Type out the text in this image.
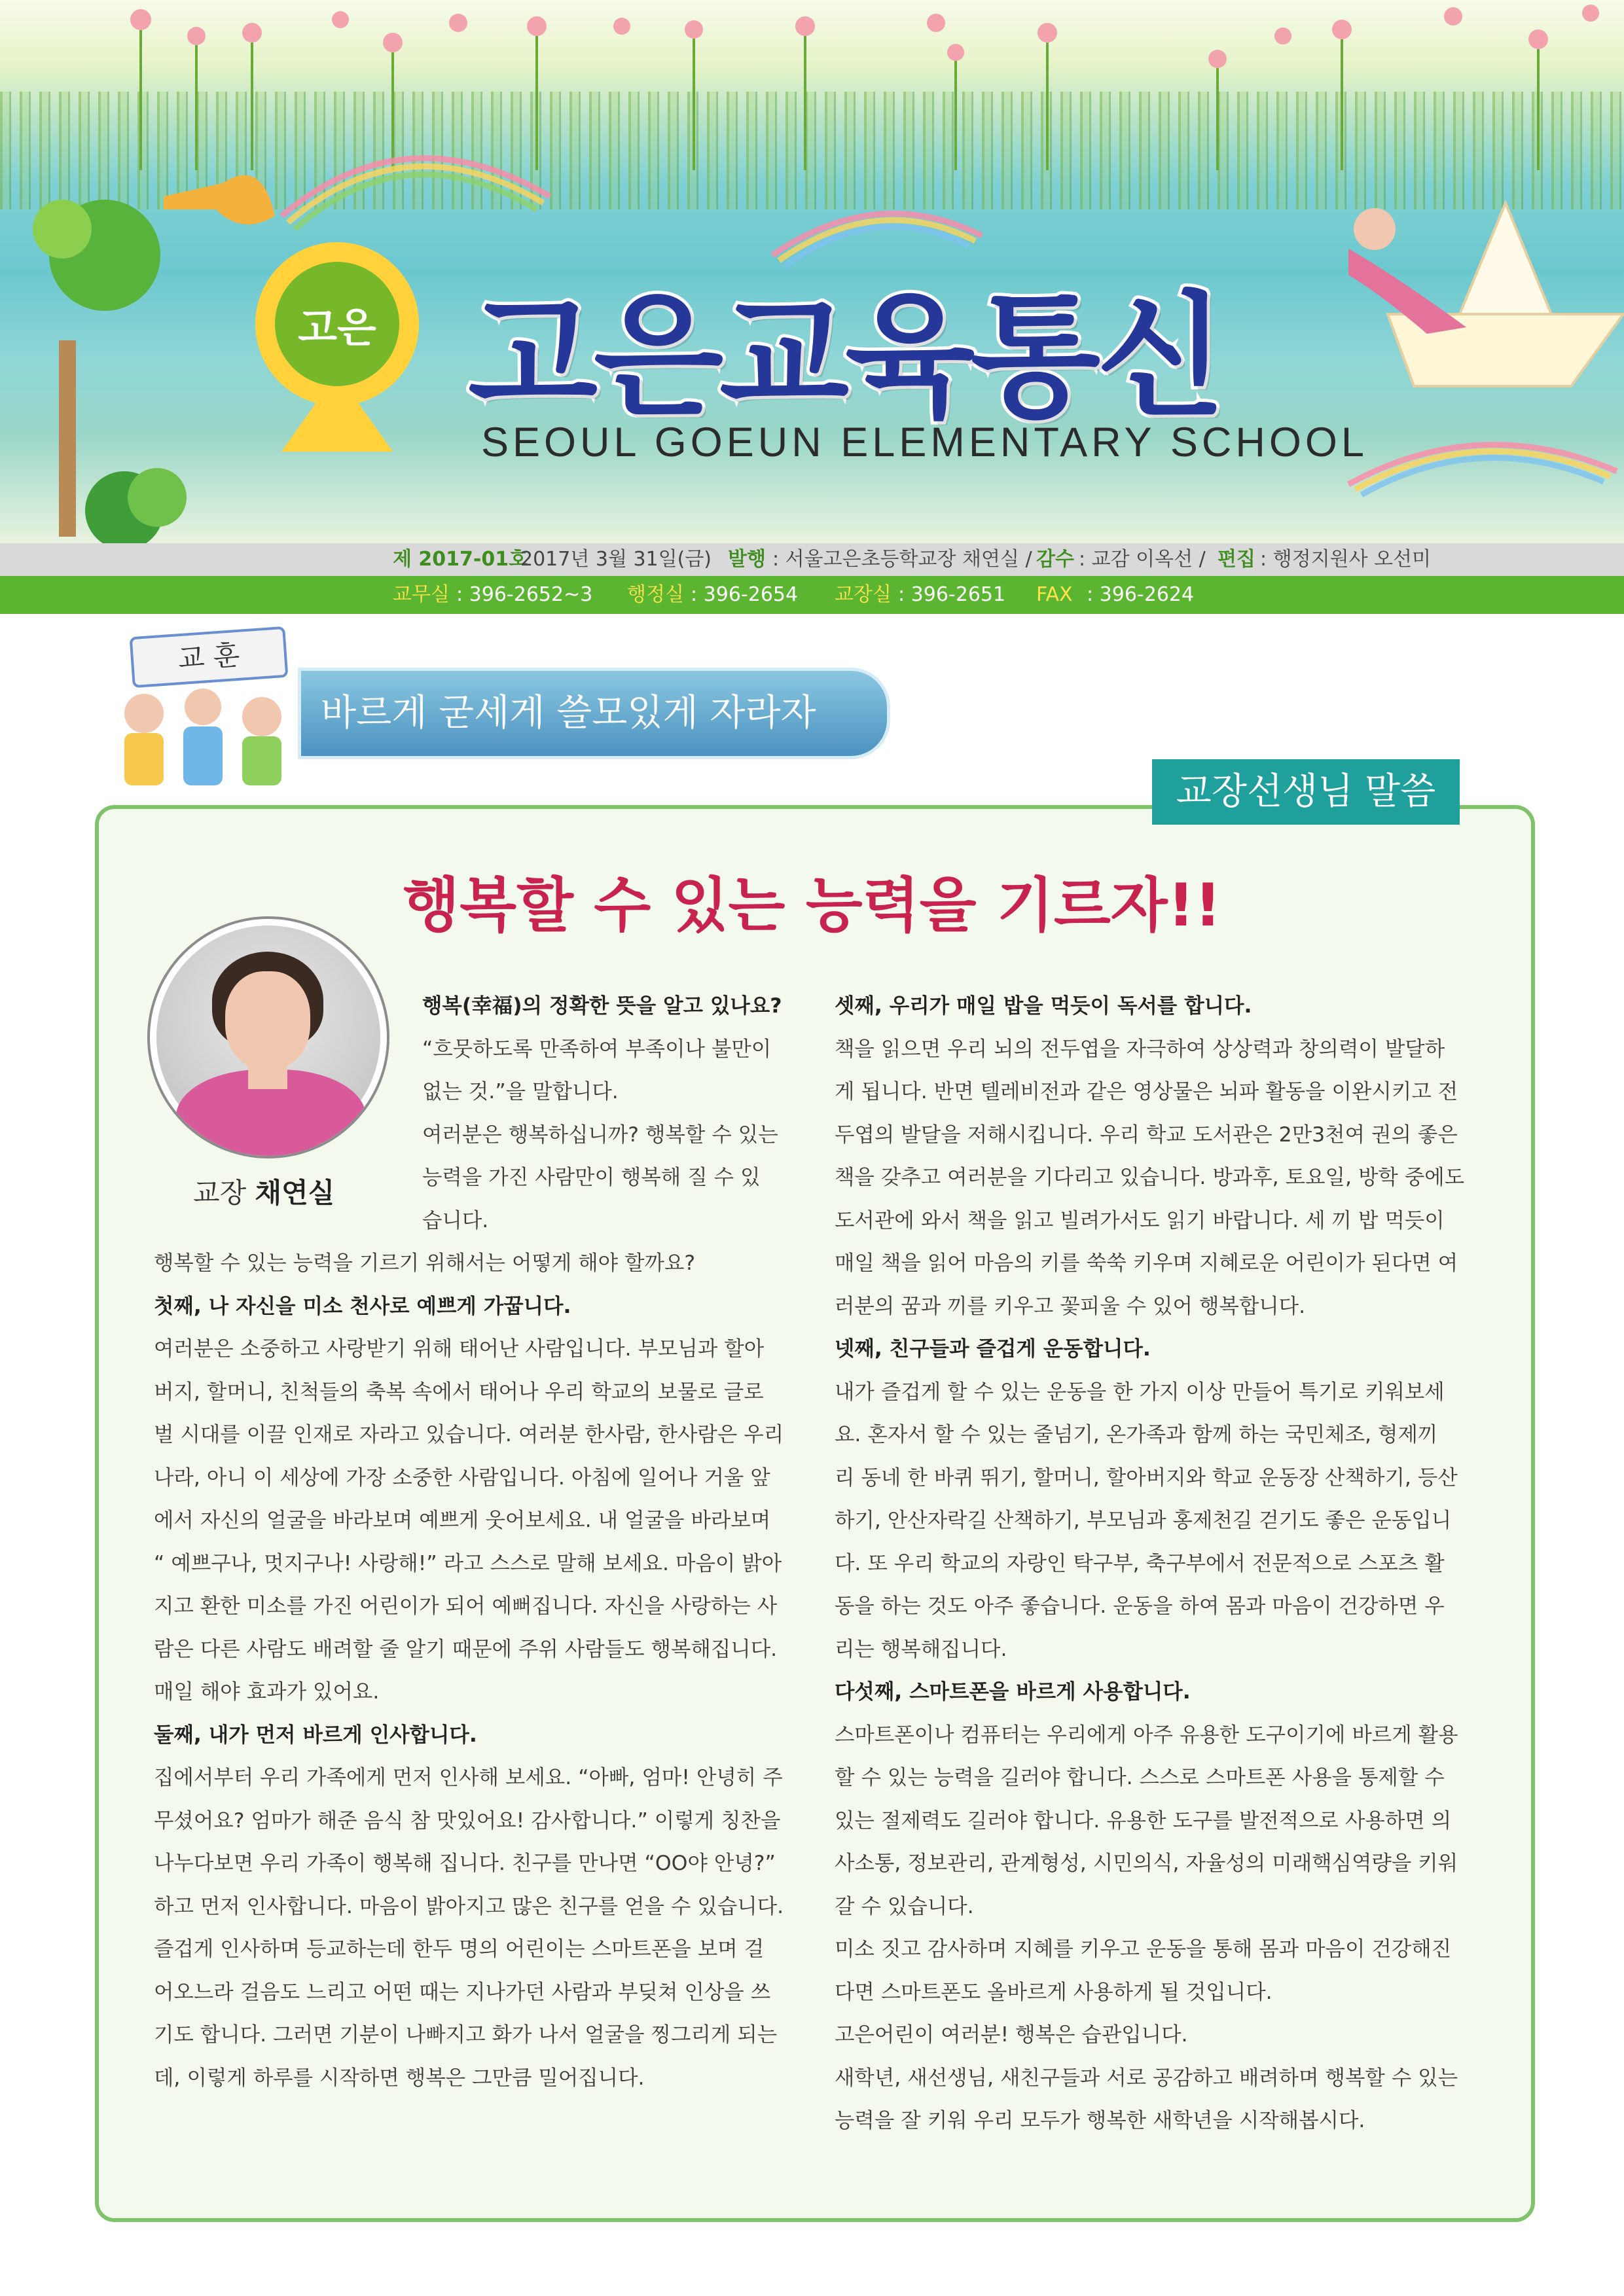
고은 고은교육통신
SEOUL GOEUN ELEMENTARY SCHOOL
제 2017-01호
2017년 3월 31일(금) 발행 : 서울고은초등학교장 채연실 / 감수 : 교감 이옥선 / 편집 : 행정지원사 오선미
교무실 : 396-2652~3 행정실 : 396-2654 교장실 : 396-2651 FAX : 396-2624
교 훈
바르게 굳세게 쓸모있게 자라자
교장선생님 말씀
행복할 수 있는 능력을 기르자!!
교장 채연실

행복(幸福)의 정확한 뜻을 알고 있나요?

“흐뭇하도록 만족하여 부족이나 불만이

없는 것.”을 말합니다.

여러분은 행복하십니까? 행복할 수 있는

능력을 가진 사람만이 행복해 질 수 있

습니다.

행복할 수 있는 능력을 기르기 위해서는 어떻게 해야 할까요?

첫째, 나 자신을 미소 천사로 예쁘게 가꿉니다.

여러분은 소중하고 사랑받기 위해 태어난 사람입니다. 부모님과 할아

버지, 할머니, 친척들의 축복 속에서 태어나 우리 학교의 보물로 글로

벌 시대를 이끌 인재로 자라고 있습니다. 여러분 한사람, 한사람은 우리

나라, 아니 이 세상에 가장 소중한 사람입니다. 아침에 일어나 거울 앞

에서 자신의 얼굴을 바라보며 예쁘게 웃어보세요. 내 얼굴을 바라보며

“ 예쁘구나, 멋지구나! 사랑해!” 라고 스스로 말해 보세요. 마음이 밝아

지고 환한 미소를 가진 어린이가 되어 예뻐집니다. 자신을 사랑하는 사

람은 다른 사람도 배려할 줄 알기 때문에 주위 사람들도 행복해집니다.

매일 해야 효과가 있어요.

둘째, 내가 먼저 바르게 인사합니다.

집에서부터 우리 가족에게 먼저 인사해 보세요. “아빠, 엄마! 안녕히 주

무셨어요? 엄마가 해준 음식 참 맛있어요! 감사합니다.” 이렇게 칭찬을

나누다보면 우리 가족이 행복해 집니다. 친구를 만나면 “OO야 안녕?”

하고 먼저 인사합니다. 마음이 밝아지고 많은 친구를 얻을 수 있습니다.

즐겁게 인사하며 등교하는데 한두 명의 어린이는 스마트폰을 보며 걸

어오느라 걸음도 느리고 어떤 때는 지나가던 사람과 부딪쳐 인상을 쓰

기도 합니다. 그러면 기분이 나빠지고 화가 나서 얼굴을 찡그리게 되는

데, 이렇게 하루를 시작하면 행복은 그만큼 밀어집니다.

셋째, 우리가 매일 밥을 먹듯이 독서를 합니다.

책을 읽으면 우리 뇌의 전두엽을 자극하여 상상력과 창의력이 발달하

게 됩니다. 반면 텔레비전과 같은 영상물은 뇌파 활동을 이완시키고 전

두엽의 발달을 저해시킵니다. 우리 학교 도서관은 2만3천여 권의 좋은

책을 갖추고 여러분을 기다리고 있습니다. 방과후, 토요일, 방학 중에도

도서관에 와서 책을 읽고 빌려가서도 읽기 바랍니다. 세 끼 밥 먹듯이

매일 책을 읽어 마음의 키를 쑥쑥 키우며 지혜로운 어린이가 된다면 여

러분의 꿈과 끼를 키우고 꽃피울 수 있어 행복합니다.

넷째, 친구들과 즐겁게 운동합니다.

내가 즐겁게 할 수 있는 운동을 한 가지 이상 만들어 특기로 키워보세

요. 혼자서 할 수 있는 줄넘기, 온가족과 함께 하는 국민체조, 형제끼

리 동네 한 바퀴 뛰기, 할머니, 할아버지와 학교 운동장 산책하기, 등산

하기, 안산자락길 산책하기, 부모님과 홍제천길 걷기도 좋은 운동입니

다. 또 우리 학교의 자랑인 탁구부, 축구부에서 전문적으로 스포츠 활

동을 하는 것도 아주 좋습니다. 운동을 하여 몸과 마음이 건강하면 우

리는 행복해집니다.

다섯째, 스마트폰을 바르게 사용합니다.

스마트폰이나 컴퓨터는 우리에게 아주 유용한 도구이기에 바르게 활용

할 수 있는 능력을 길러야 합니다. 스스로 스마트폰 사용을 통제할 수

있는 절제력도 길러야 합니다. 유용한 도구를 발전적으로 사용하면 의

사소통, 정보관리, 관계형성, 시민의식, 자율성의 미래핵심역량을 키워

갈 수 있습니다.

미소 짓고 감사하며 지혜를 키우고 운동을 통해 몸과 마음이 건강해진

다면 스마트폰도 올바르게 사용하게 될 것입니다.

고은어린이 여러분! 행복은 습관입니다.

새학년, 새선생님, 새친구들과 서로 공감하고 배려하며 행복할 수 있는

능력을 잘 키워 우리 모두가 행복한 새학년을 시작해봅시다.
